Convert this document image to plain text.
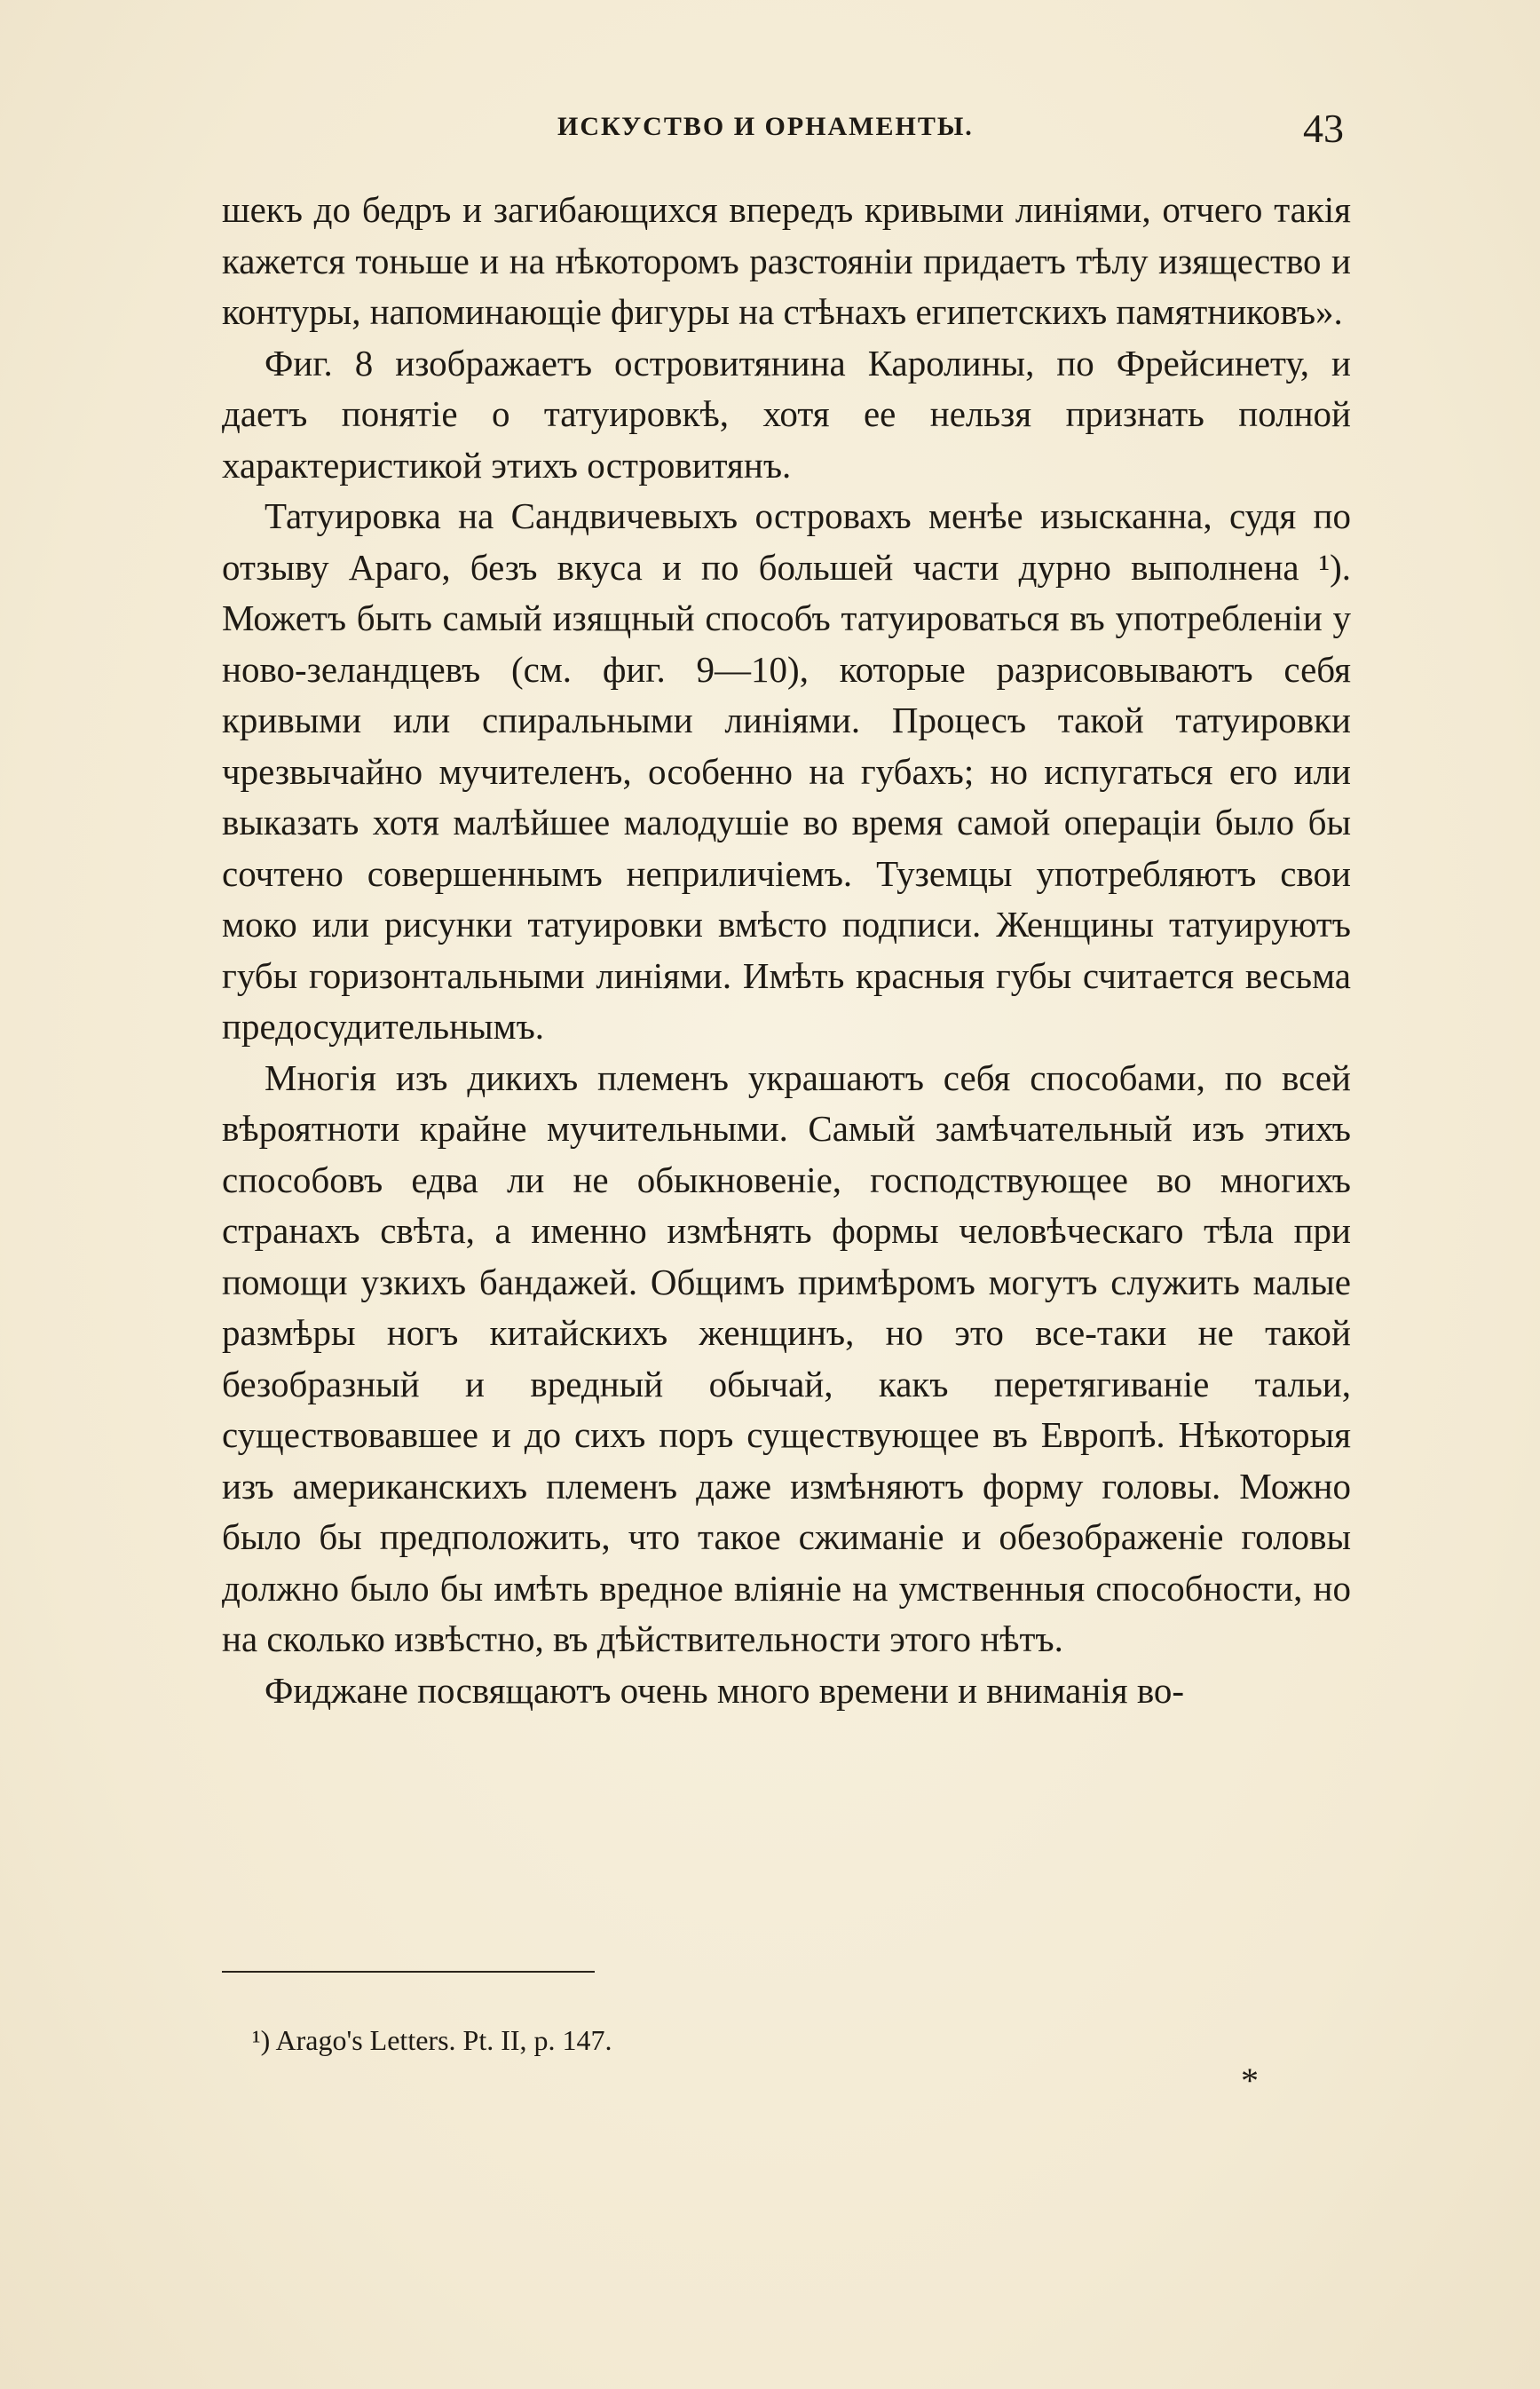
ИСКУСТВО И ОРНАМЕНТЫ.	43

шекъ до бедръ и загибающихся впередъ кривыми линіями, отчего такія кажется тоньше и на нѣкоторомъ разстояніи придаетъ тѣлу изящество и контуры, напоминающіе фигуры на стѣнахъ египетскихъ памятниковъ».

Фиг. 8 изображаетъ островитянина Каролины, по Фрейсинету, и даетъ понятіе о татуировкѣ, хотя ее нельзя признать полной характеристикой этихъ островитянъ.

Татуировка на Сандвичевыхъ островахъ менѣе изысканна, судя по отзыву Араго, безъ вкуса и по большей части дурно выполнена ¹). Можетъ быть самый изящный способъ татуироваться въ употребленіи у ново-зеландцевъ (см. фиг. 9—10), которые разрисовываютъ себя кривыми или спиральными линіями. Процесъ такой татуировки чрезвычайно мучителенъ, особенно на губахъ; но испугаться его или выказать хотя малѣйшее малодушіе во время самой операціи было бы сочтено совершеннымъ неприличіемъ. Туземцы употребляютъ свои моко или рисунки татуировки вмѣсто подписи. Женщины татуируютъ губы горизонтальными линіями. Имѣть красныя губы считается весьма предосудительнымъ.

Многія изъ дикихъ племенъ украшаютъ себя способами, по всей вѣроятноти крайне мучительными. Самый замѣчательный изъ этихъ способовъ едва ли не обыкновеніе, господствующее во многихъ странахъ свѣта, а именно измѣнять формы человѣческаго тѣла при помощи узкихъ бандажей. Общимъ примѣромъ могутъ служить малые размѣры ногъ китайскихъ женщинъ, но это все-таки не такой безобразный и вредный обычай, какъ перетягиваніе тальи, существовавшее и до сихъ поръ существующее въ Европѣ. Нѣкоторыя изъ американскихъ племенъ даже измѣняютъ форму головы. Можно было бы предположить, что такое сжиманіе и обезображеніе головы должно было бы имѣть вредное вліяніе на умственныя способности, но на сколько извѣстно, въ дѣйствительности этого нѣтъ.

Фиджане посвящаютъ очень много времени и вниманія во-

¹) Arago's Letters. Pt. II, p. 147.
*
